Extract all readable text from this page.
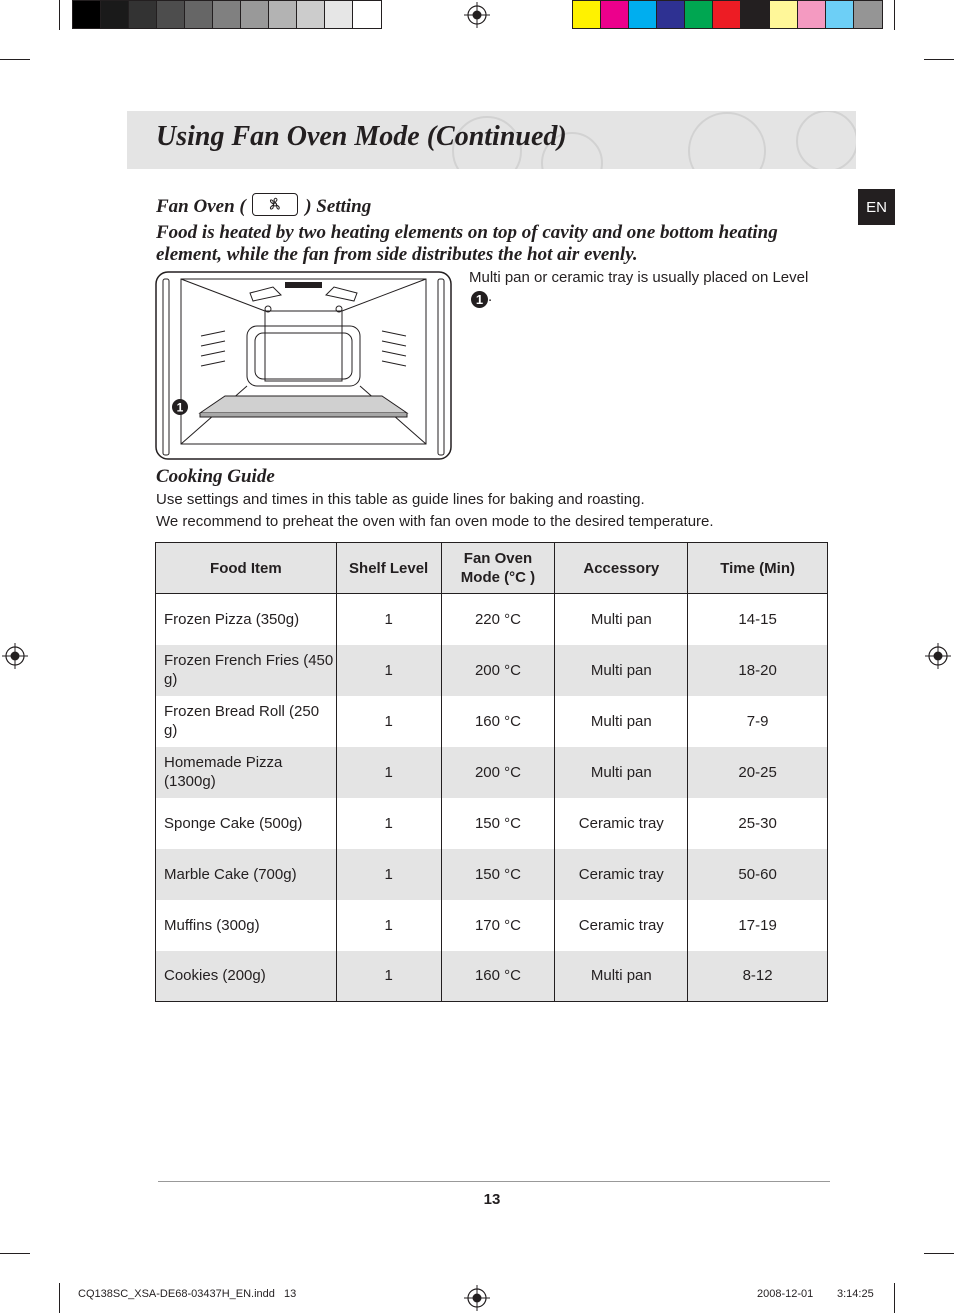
Using Fan Oven Mode (Continued)
EN
Fan Oven (	) Setting
Food is heated by two heating elements on top of cavity and one bottom heating element, while the fan from side distributes the hot air evenly.
1
Multi pan or ceramic tray is usually placed on Level 1 .
Cooking Guide
Use settings and times in this table as guide lines for baking and roasting.
We recommend to preheat the oven with fan oven mode to the desired temperature.
Food Item	Shelf Level	Fan Oven Mode (°C )	Accessory	Time (Min)
Frozen Pizza (350g)	1	220 °C	Multi pan	14-15
Frozen French Fries (450 g)	1	200 °C	Multi pan	18-20
Frozen Bread Roll (250 g)	1	160 °C	Multi pan	7-9
Homemade Pizza (1300g)	1	200 °C	Multi pan	20-25
Sponge Cake (500g)	1	150 °C	Ceramic tray	25-30
Marble Cake (700g)	1	150 °C	Ceramic tray	50-60
Muffins (300g)	1	170 °C	Ceramic tray	17-19
Cookies (200g)	1	160 °C	Multi pan	8-12
13
CQ138SC_XSA-DE68-03437H_EN.indd   13	2008-12-01 3:14:25
